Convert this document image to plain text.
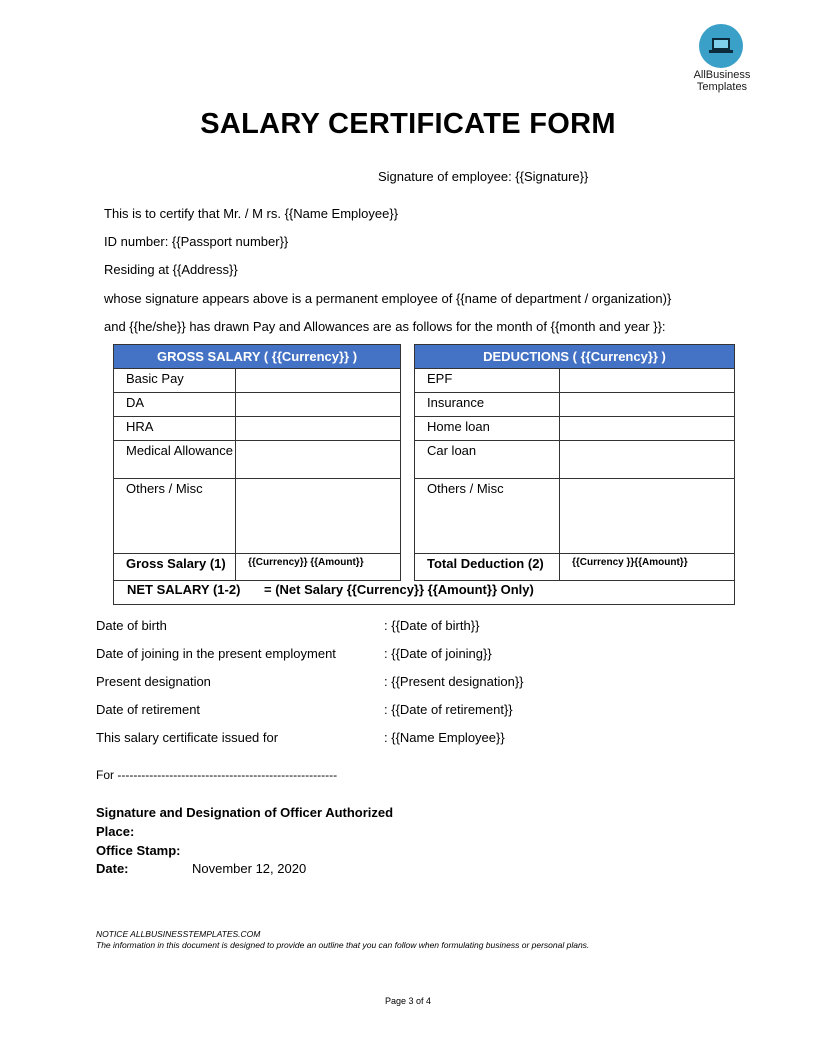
AllBusiness
Templates
SALARY CERTIFICATE FORM
Signature of employee: {{Signature}}
This is to certify that Mr. / M rs. {{Name Employee}}
ID number: {{Passport number}}
Residing at {{Address}}
whose signature appears above is a permanent employee of {{name of department / organization)}
and {{he/she}} has drawn Pay and Allowances are as follows for the month of {{month and year }}:
GROSS SALARY ( {{Currency}} )	
Basic Pay	
DA	
HRA	
Medical Allowance	
Others / Misc	
Gross Salary (1)	{{Currency}} {{Amount}}
DEDUCTIONS ( {{Currency}} )	
EPF	
Insurance	
Home loan	
Car loan	
Others / Misc	
Total Deduction (2)	{{Currency }}{{Amount}}
NET SALARY (1-2) = (Net Salary {{Currency}} {{Amount}} Only)
Date of birth	: {{Date of birth}}
Date of joining in the present employment	: {{Date of joining}}
Present designation	: {{Present designation}}
Date of retirement	: {{Date of retirement}}
This salary certificate issued for	: {{Name Employee}}
For -------------------------------------------------------
Signature and Designation of Officer Authorized
Place:
Office Stamp:
Date:	November 12, 2020
NOTICE ALLBUSINESSTEMPLATES.COM
The information in this document is designed to provide an outline that you can follow when formulating business or personal plans.
Page 3 of 4
